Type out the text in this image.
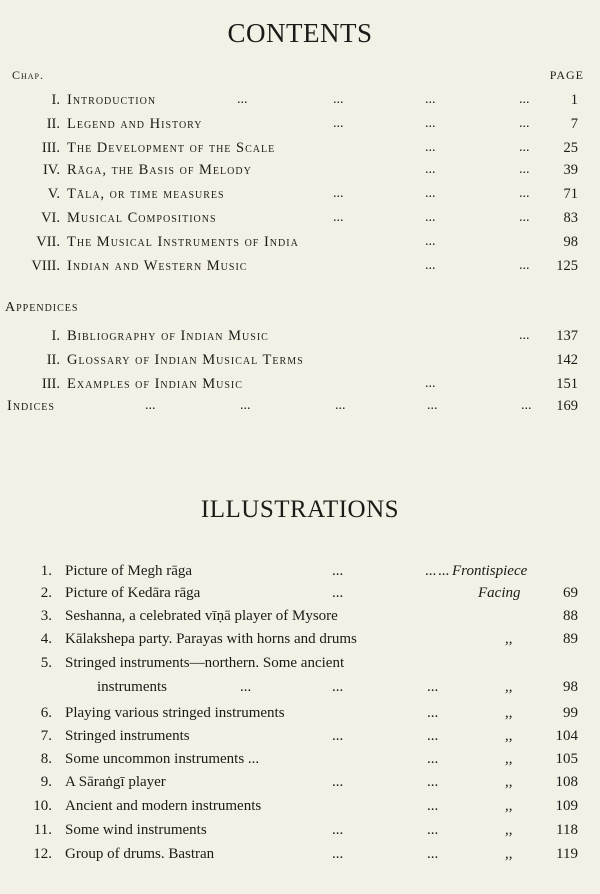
CONTENTS
Chap.	PAGE
I. Introduction	...	...	...	...	1
II. Legend and History	...	...	...	7
III. The Development of the Scale	...	... 25
IV. Rāga, the Basis of Melody	...	... 39
V. Tāla, or time measures	...	...	... 71
VI. Musical Compositions	...	...	... 83
VII. The Musical Instruments of India	...	98
VIII. Indian and Western Music	...	... 125
Appendices
I. Bibliography of Indian Music	... 137
II. Glossary of Indian Musical Terms	142
III. Examples of Indian Music	...	151
Indices	...	...	...	...	... 169
ILLUSTRATIONS
1. Picture of Megh rāga	...	... ... Frontispiece
2. Picture of Kedāra rāga	...	Facing	69
3. Seshanna, a celebrated vīṇā player of Mysore	88
4. Kālakshepa party. Parayas with horns and drums	,,	89
5. Stringed instruments—northern. Some ancient
instruments	...	...	...	,,	98
6. Playing various stringed instruments	...	,,	99
7. Stringed instruments	...	...	,,	104
8. Some uncommon instruments ...	...	,,	105
9. A Sāraṅgī player	...	...	,,	108
10. Ancient and modern instruments	...	,,	109
11. Some wind instruments	...	...	,,	118
12. Group of drums. Bastran	...	...	,,	119
